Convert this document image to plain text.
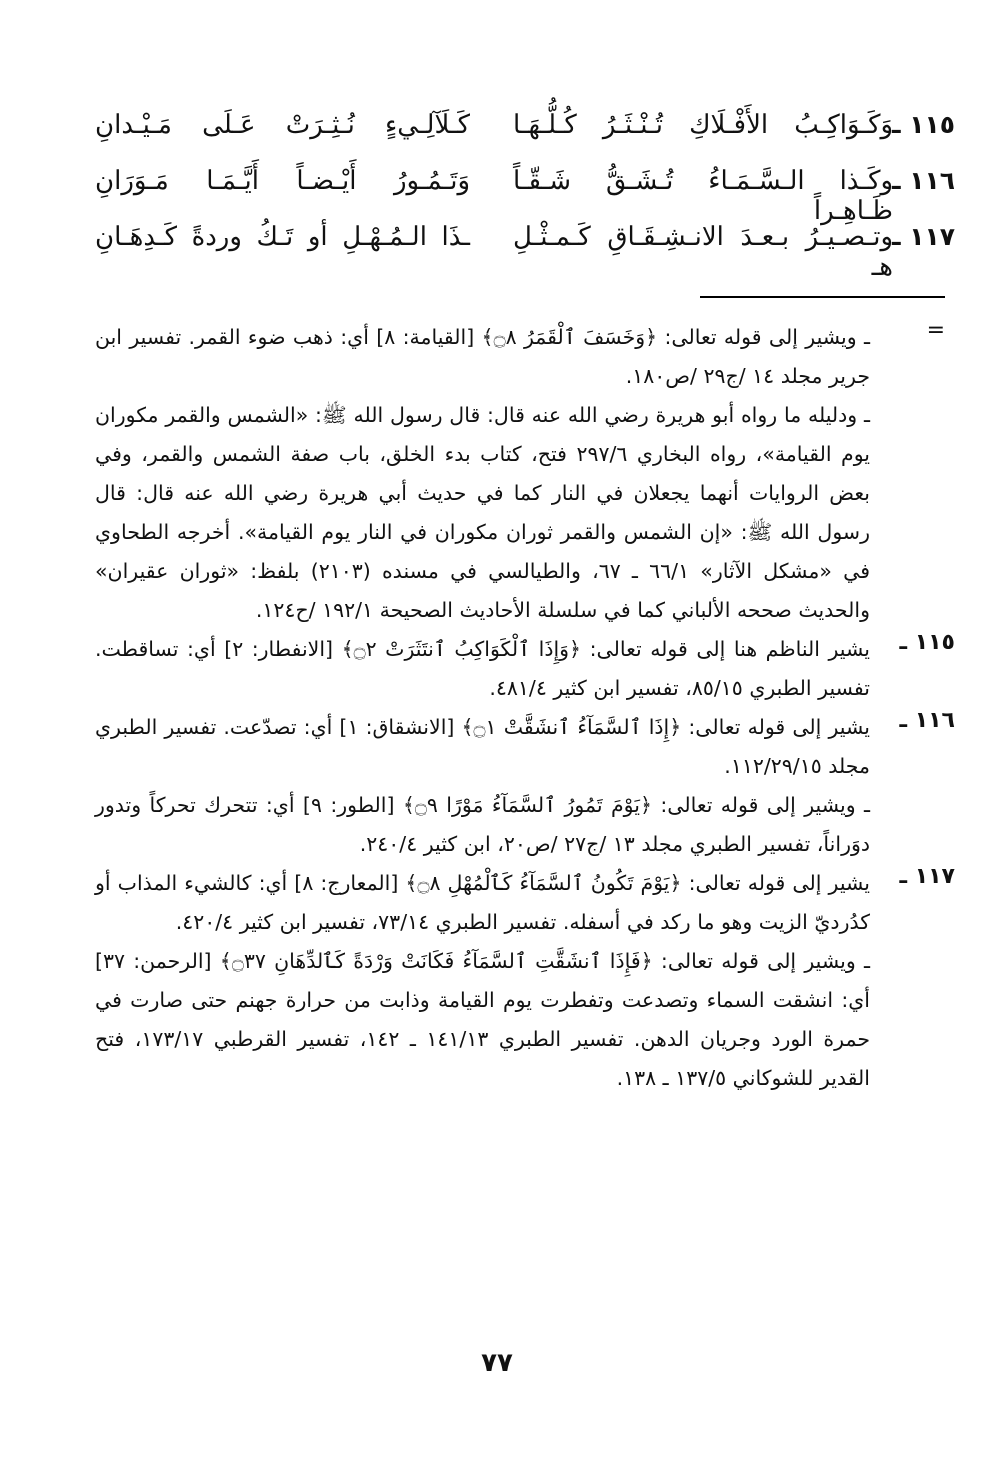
١١٥ ـ
وَكَـوَاكِـبُ الأَفْـلَاكِ تُـنْـثَـرُ كُـلُّـهَـا
كَـلَآلِـيءٍ نُـثِـرَتْ عَـلَى مَـيْـدانِ
١١٦ ـ
وكَـذا الـسَّـمَـاءُ تُـشَـقُّ شَـقّـاً ظَـاهِـراً
وَتَـمُـورُ أَيْـضـاً أَيَّـمَـا مَـوَرَانِ
١١٧ ـ
وتـصـيـرُ بـعـدَ الانـشِـقَـاقِ كَـمـثْـلِ هـ
ـذَا الـمُـهْـلِ أو تَـكُ وردةً كَـدِهَـانِ
=

ـ ويشير إلى قوله تعالى: ﴿وَخَسَفَ ٱلْقَمَرُ ۝٨﴾ [القيامة: ٨] أي: ذهب ضوء القمر. تفسير ابن جرير مجلد ١٤ /ج٢٩ /ص١٨٠.

ـ ودليله ما رواه أبو هريرة رضي الله عنه قال: قال رسول الله ﷺ: «الشمس والقمر مكوران يوم القيامة»، رواه البخاري ٢٩٧/٦ فتح، كتاب بدء الخلق، باب صفة الشمس والقمر، وفي بعض الروايات أنهما يجعلان في النار كما في حديث أبي هريرة رضي الله عنه قال: قال رسول الله ﷺ: «إن الشمس والقمر ثوران مكوران في النار يوم القيامة». أخرجه الطحاوي في «مشكل الآثار» ٦٦/١ ـ ٦٧، والطيالسي في مسنده (٢١٠٣) بلفظ: «ثوران عقيران» والحديث صححه الألباني كما في سلسلة الأحاديث الصحيحة ١٩٢/١ /ح١٢٤.

١١٥ ـ

يشير الناظم هنا إلى قوله تعالى: ﴿وَإِذَا ٱلْكَوَاكِبُ ٱنتَثَرَتْ ۝٢﴾ [الانفطار: ٢] أي: تساقطت. تفسير الطبري ٨٥/١٥، تفسير ابن كثير ٤٨١/٤.

١١٦ ـ

يشير إلى قوله تعالى: ﴿إِذَا ٱلسَّمَآءُ ٱنشَقَّتْ ۝١﴾ [الانشقاق: ١] أي: تصدّعت. تفسير الطبري مجلد ١١٢/٢٩/١٥.

ـ ويشير إلى قوله تعالى: ﴿يَوْمَ تَمُورُ ٱلسَّمَآءُ مَوْرًا ۝٩﴾ [الطور: ٩] أي: تتحرك تحركاً وتدور دوَراناً، تفسير الطبري مجلد ١٣ /ج٢٧ /ص٢٠، ابن كثير ٢٤٠/٤.

١١٧ ـ

يشير إلى قوله تعالى: ﴿يَوْمَ تَكُونُ ٱلسَّمَآءُ كَٱلْمُهْلِ ۝٨﴾ [المعارج: ٨] أي: كالشيء المذاب أو كدُرديّ الزيت وهو ما ركد في أسفله. تفسير الطبري ٧٣/١٤، تفسير ابن كثير ٤٢٠/٤.

ـ ويشير إلى قوله تعالى: ﴿فَإِذَا ٱنشَقَّتِ ٱلسَّمَآءُ فَكَانَتْ وَرْدَةً كَٱلدِّهَانِ ۝٣٧﴾ [الرحمن: ٣٧] أي: انشقت السماء وتصدعت وتفطرت يوم القيامة وذابت من حرارة جهنم حتى صارت في حمرة الورد وجريان الدهن. تفسير الطبري ١٤١/١٣ ـ ١٤٢، تفسير القرطبي ١٧٣/١٧، فتح القدير للشوكاني ١٣٧/٥ ـ ١٣٨.

٧٧
